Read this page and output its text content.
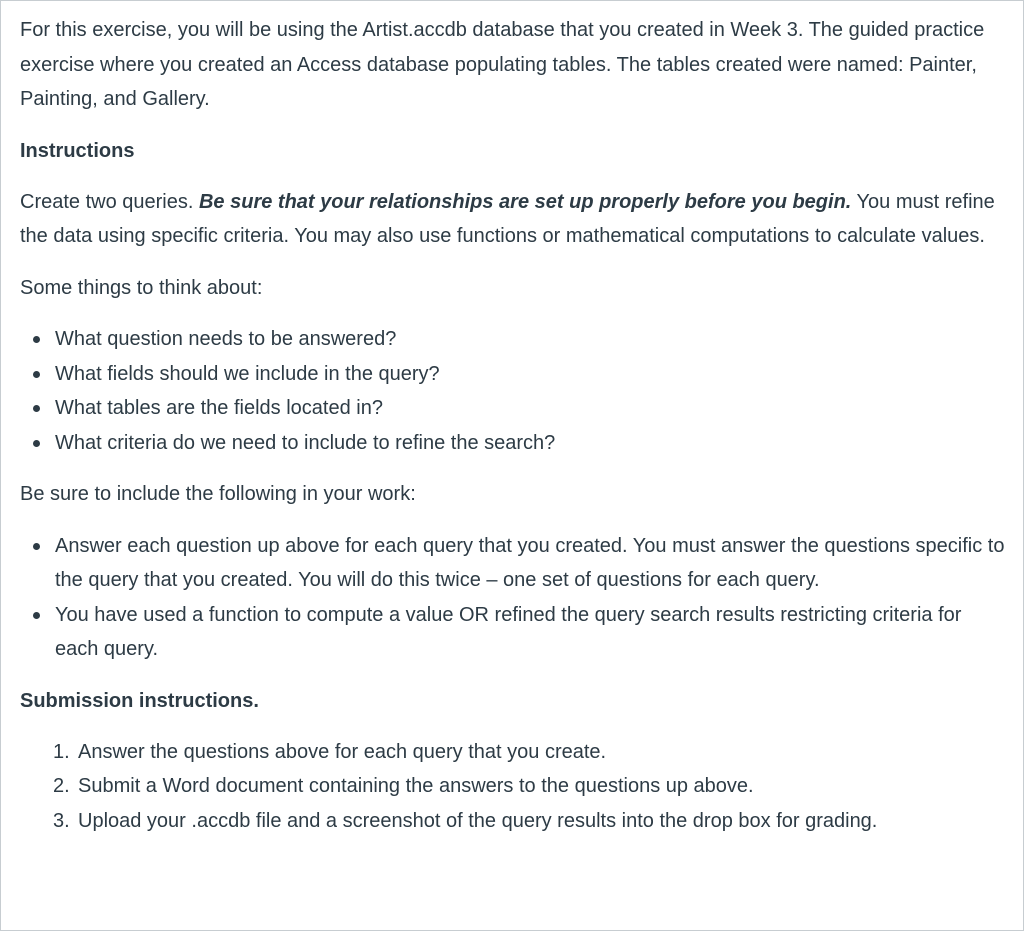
For this exercise, you will be using the Artist.accdb database that you created in Week 3. The guided practice exercise where you created an Access database populating tables. The tables created were named: Painter, Painting, and Gallery.

Instructions

Create two queries. Be sure that your relationships are set up properly before you begin. You must refine the data using specific criteria. You may also use functions or mathematical computations to calculate values.

Some things to think about:

What question needs to be answered?
What fields should we include in the query?
What tables are the fields located in?
What criteria do we need to include to refine the search?

Be sure to include the following in your work:

Answer each question up above for each query that you created. You must answer the questions specific to the query that you created. You will do this twice – one set of questions for each query.
You have used a function to compute a value OR refined the query search results restricting criteria for each query.

Submission instructions.

1. Answer the questions above for each query that you create.
2. Submit a Word document containing the answers to the questions up above.
3. Upload your .accdb file and a screenshot of the query results into the drop box for grading.
